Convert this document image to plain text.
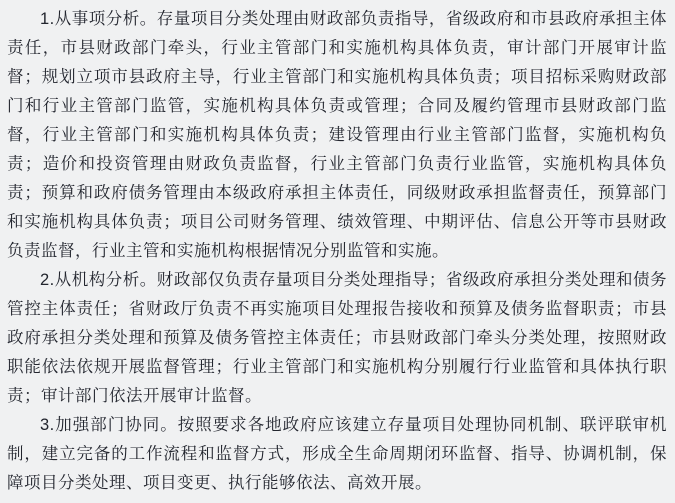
1.从事项分析。存量项目分类处理由财政部负责指导，省级政府和市县政府承担主体责任，市县财政部门牵头，行业主管部门和实施机构具体负责，审计部门开展审计监督；规划立项市县政府主导，行业主管部门和实施机构具体负责；项目招标采购财政部门和行业主管部门监管，实施机构具体负责或管理；合同及履约管理市县财政部门监督，行业主管部门和实施机构具体负责；建设管理由行业主管部门监督，实施机构负责；造价和投资管理由财政负责监督，行业主管部门负责行业监管，实施机构具体负责；预算和政府债务管理由本级政府承担主体责任，同级财政承担监督责任，预算部门和实施机构具体负责；项目公司财务管理、绩效管理、中期评估、信息公开等市县财政负责监督，行业主管和实施机构根据情况分别监管和实施。

2.从机构分析。财政部仅负责存量项目分类处理指导；省级政府承担分类处理和债务管控主体责任；省财政厅负责不再实施项目处理报告接收和预算及债务监督职责；市县政府承担分类处理和预算及债务管控主体责任；市县财政部门牵头分类处理，按照财政职能依法依规开展监督管理；行业主管部门和实施机构分别履行行业监管和具体执行职责；审计部门依法开展审计监督。

3.加强部门协同。按照要求各地政府应该建立存量项目处理协同机制、联评联审机制，建立完备的工作流程和监督方式，形成全生命周期闭环监督、指导、协调机制，保障项目分类处理、项目变更、执行能够依法、高效开展。
